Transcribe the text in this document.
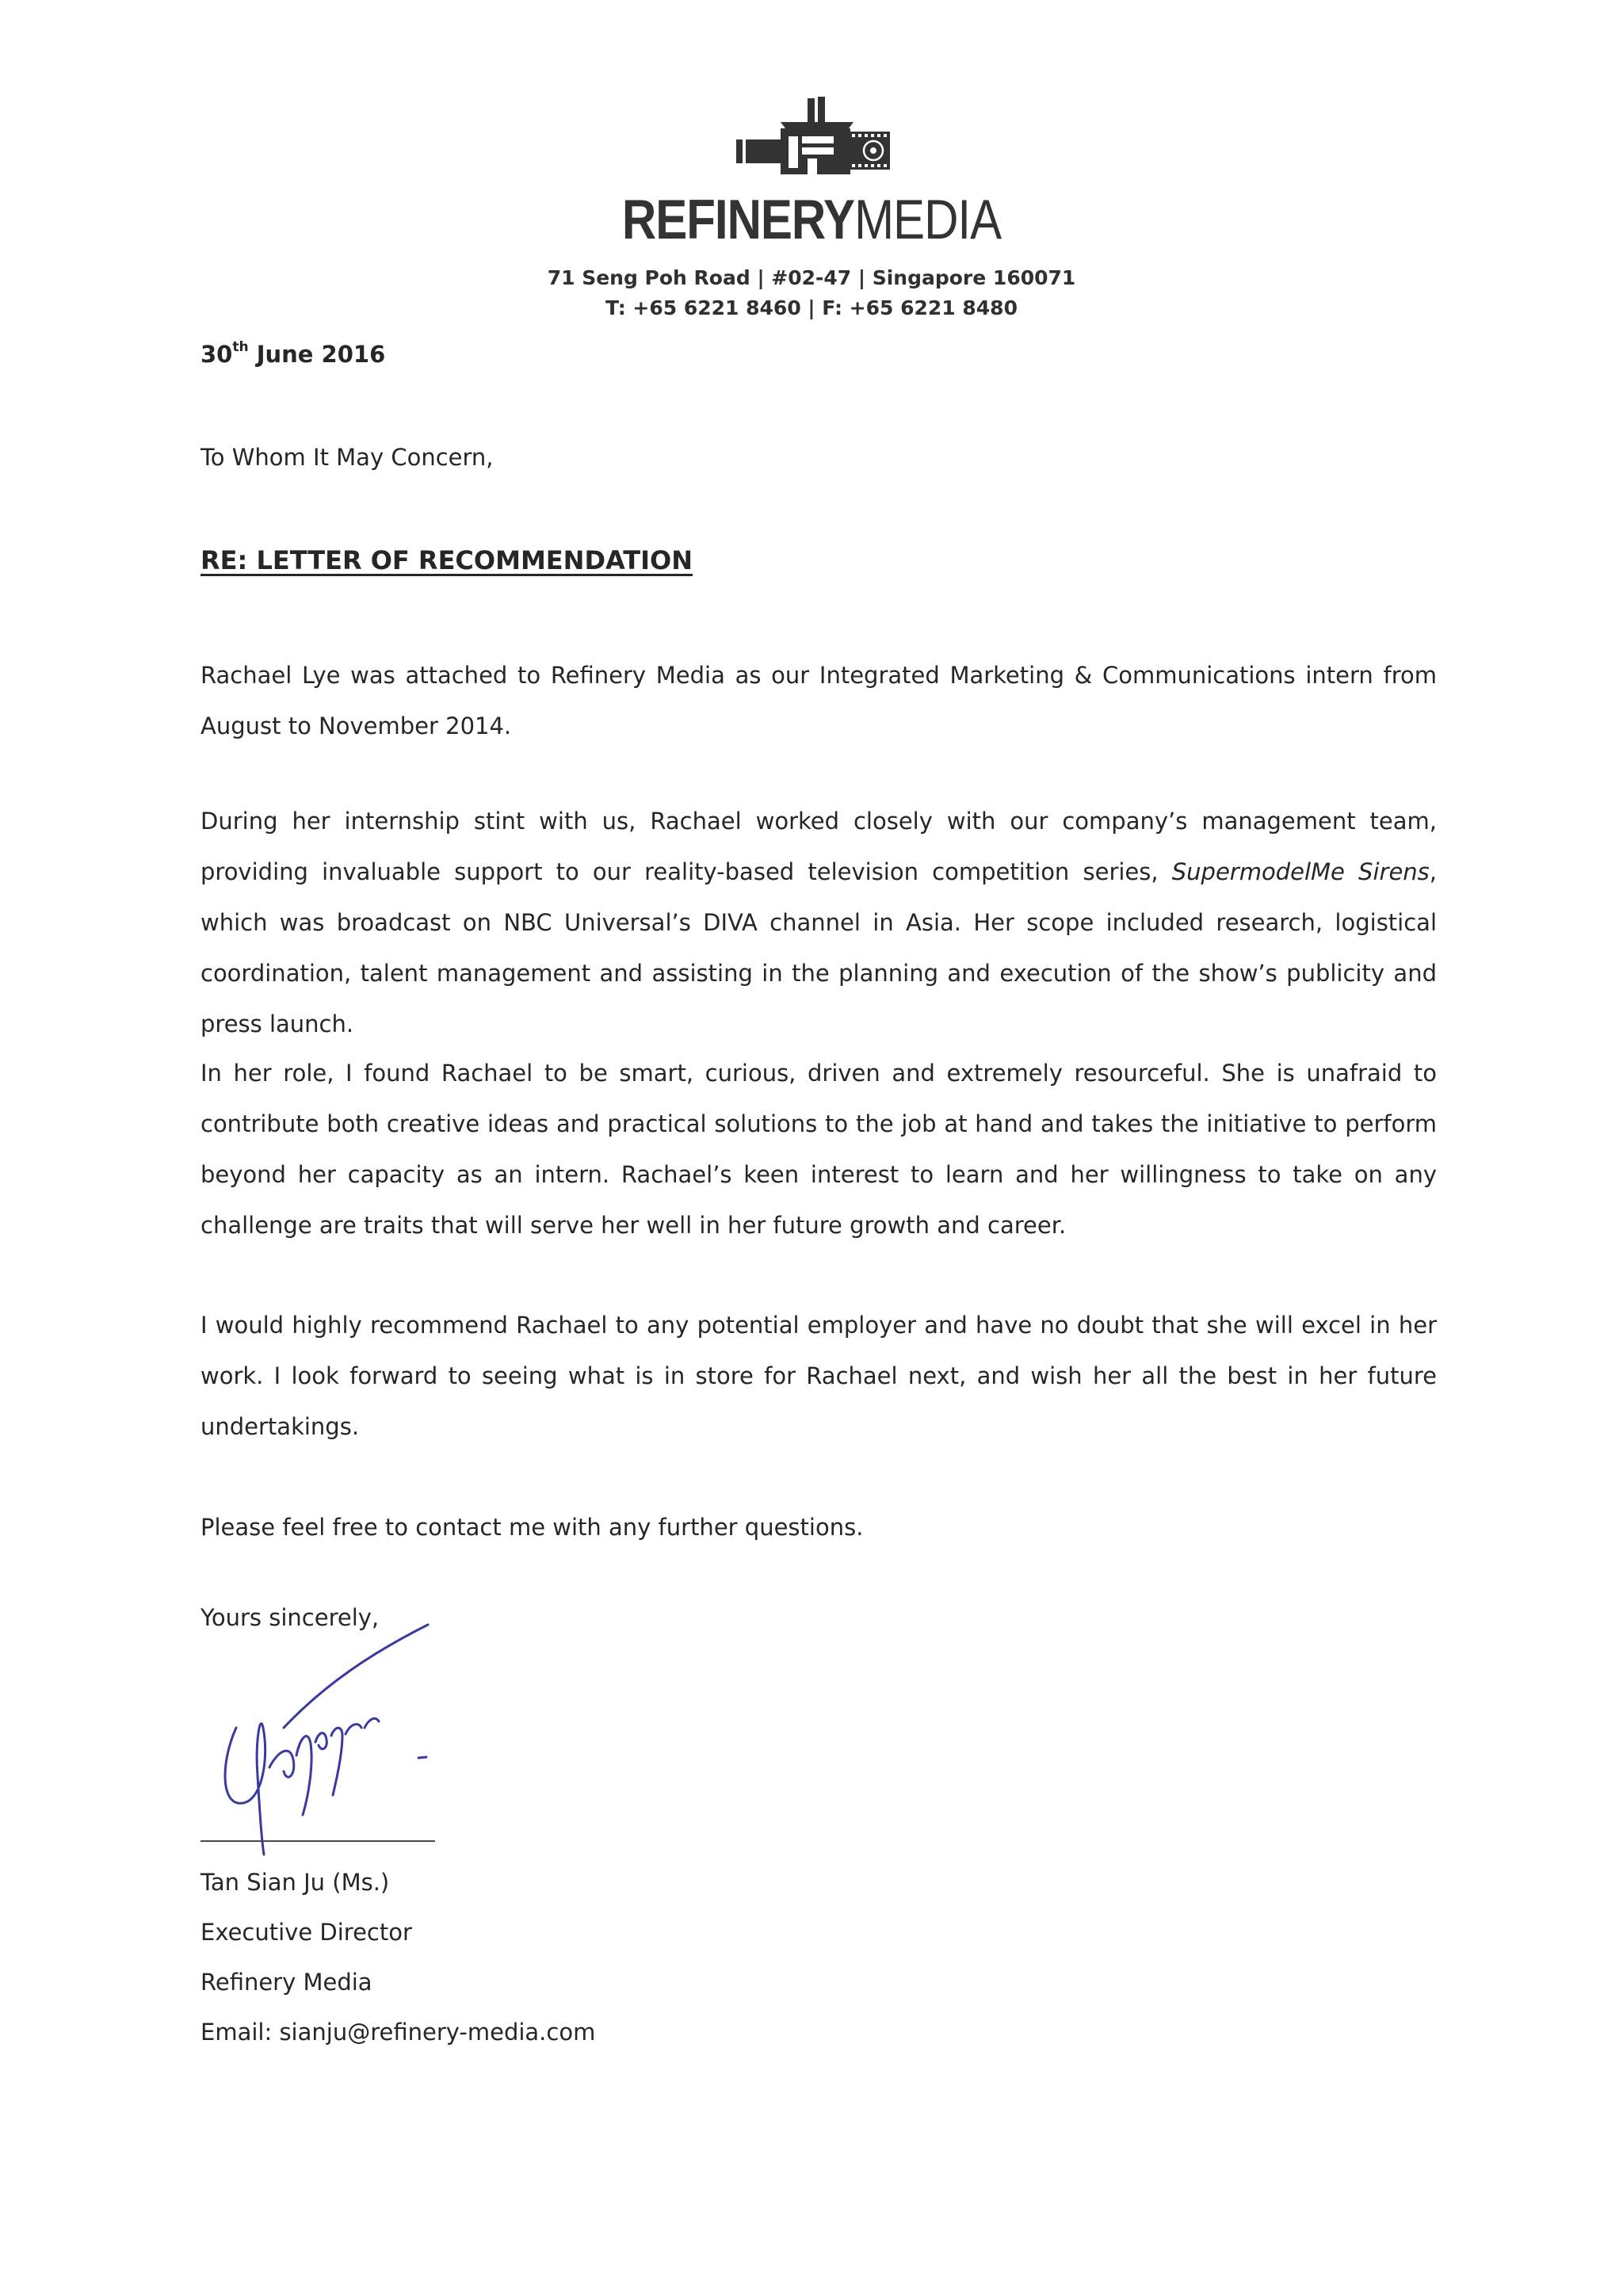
REFINERYMEDIA
71 Seng Poh Road | #02-47 | Singapore 160071
T: +65 6221 8460 | F: +65 6221 8480
30th June 2016
To Whom It May Concern,
RE: LETTER OF RECOMMENDATION
Rachael Lye was attached to Refinery Media as our Integrated Marketing & Communications intern from August to November 2014.
During her internship stint with us, Rachael worked closely with our company’s management team, providing invaluable support to our reality-based television competition series, SupermodelMe Sirens, which was broadcast on NBC Universal’s DIVA channel in Asia. Her scope included research, logistical coordination, talent management and assisting in the planning and execution of the show’s publicity and press launch.
In her role, I found Rachael to be smart, curious, driven and extremely resourceful. She is unafraid to contribute both creative ideas and practical solutions to the job at hand and takes the initiative to perform beyond her capacity as an intern. Rachael’s keen interest to learn and her willingness to take on any challenge are traits that will serve her well in her future growth and career.
I would highly recommend Rachael to any potential employer and have no doubt that she will excel in her work. I look forward to seeing what is in store for Rachael next, and wish her all the best in her future undertakings.
Please feel free to contact me with any further questions.
Yours sincerely,
Tan Sian Ju (Ms.)
Executive Director
Refinery Media
Email: sianju@refinery-media.com
